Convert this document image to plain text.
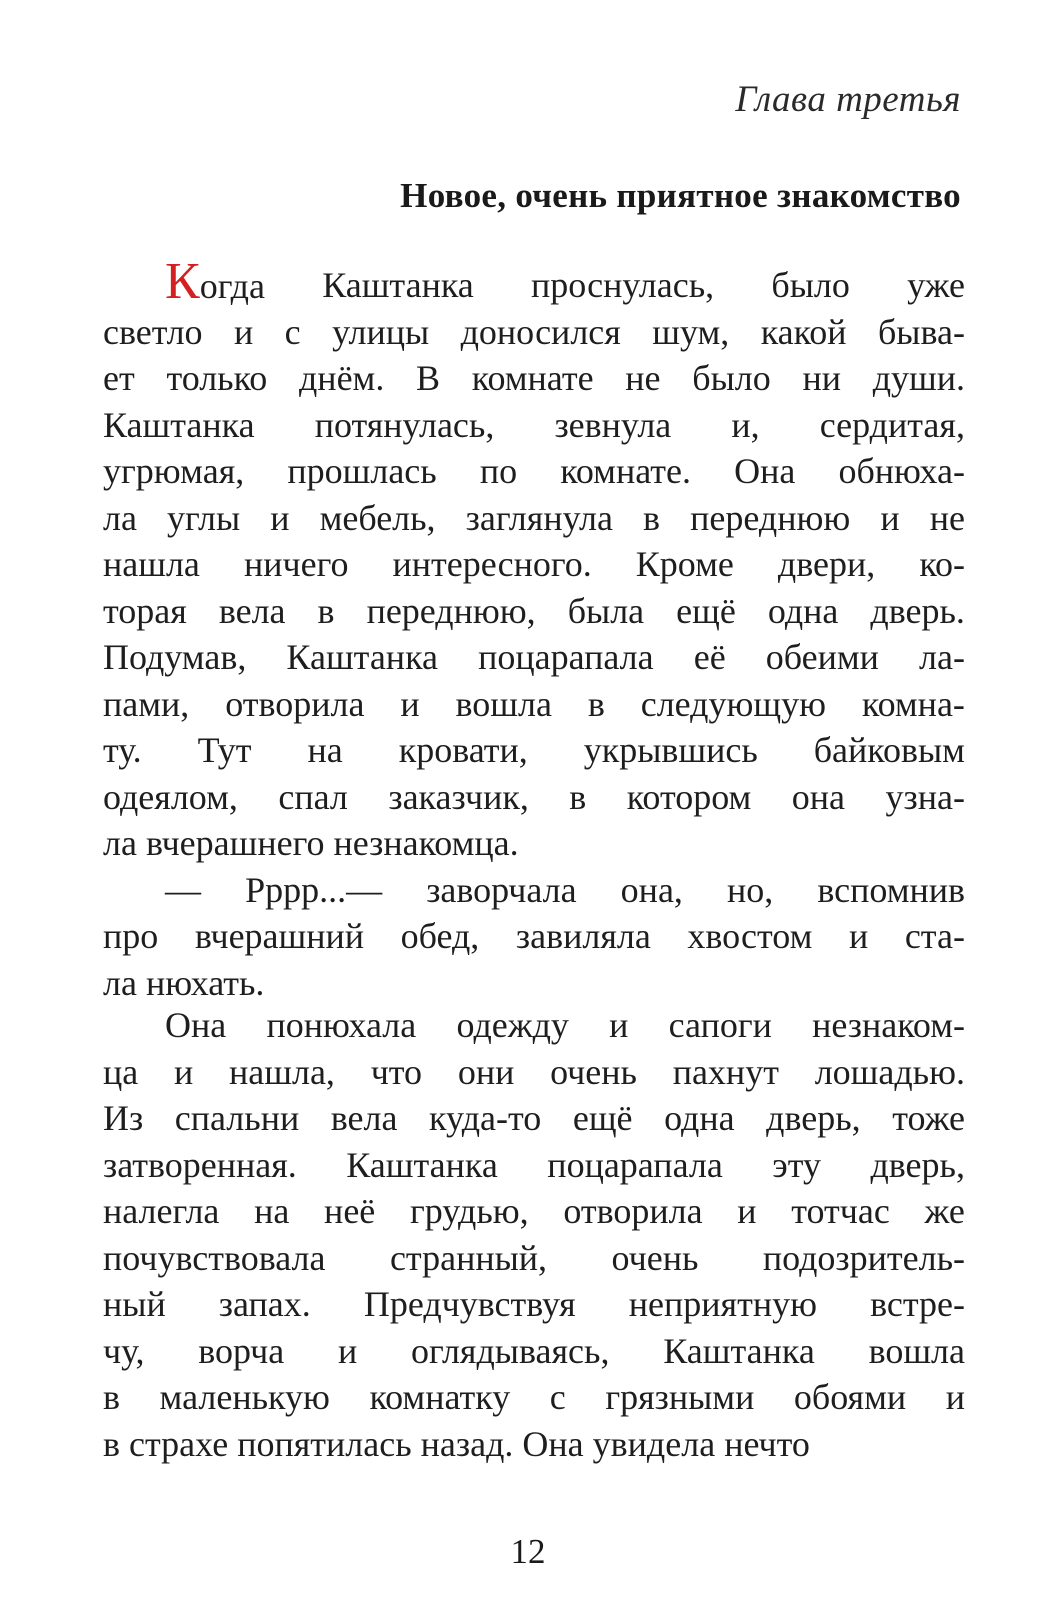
Глава третья
Новое, очень приятное знакомство
Когда Каштанка проснулась, было уже
светло и с улицы доносился шум, какой быва-
ет только днём. В комнате не было ни души.
Каштанка потянулась, зевнула и, сердитая,
угрюмая, прошлась по комнате. Она обнюха-
ла углы и мебель, заглянула в переднюю и не
нашла ничего интересного. Кроме двери, ко-
торая вела в переднюю, была ещё одна дверь.
Подумав, Каштанка поцарапала её обеими ла-
пами, отворила и вошла в следующую комна-
ту. Тут на кровати, укрывшись байковым
одеялом, спал заказчик, в котором она узна-
ла вчерашнего незнакомца.
— Рррр...— заворчала она, но, вспомнив
про вчерашний обед, завиляла хвостом и ста-
ла нюхать.
Она понюхала одежду и сапоги незнаком-
ца и нашла, что они очень пахнут лошадью.
Из спальни вела куда-то ещё одна дверь, тоже
затворенная. Каштанка поцарапала эту дверь,
налегла на неё грудью, отворила и тотчас же
почувствовала странный, очень подозритель-
ный запах. Предчувствуя неприятную встре-
чу, ворча и оглядываясь, Каштанка вошла
в маленькую комнатку с грязными обоями и
в страхе попятилась назад. Она увидела нечто
12
